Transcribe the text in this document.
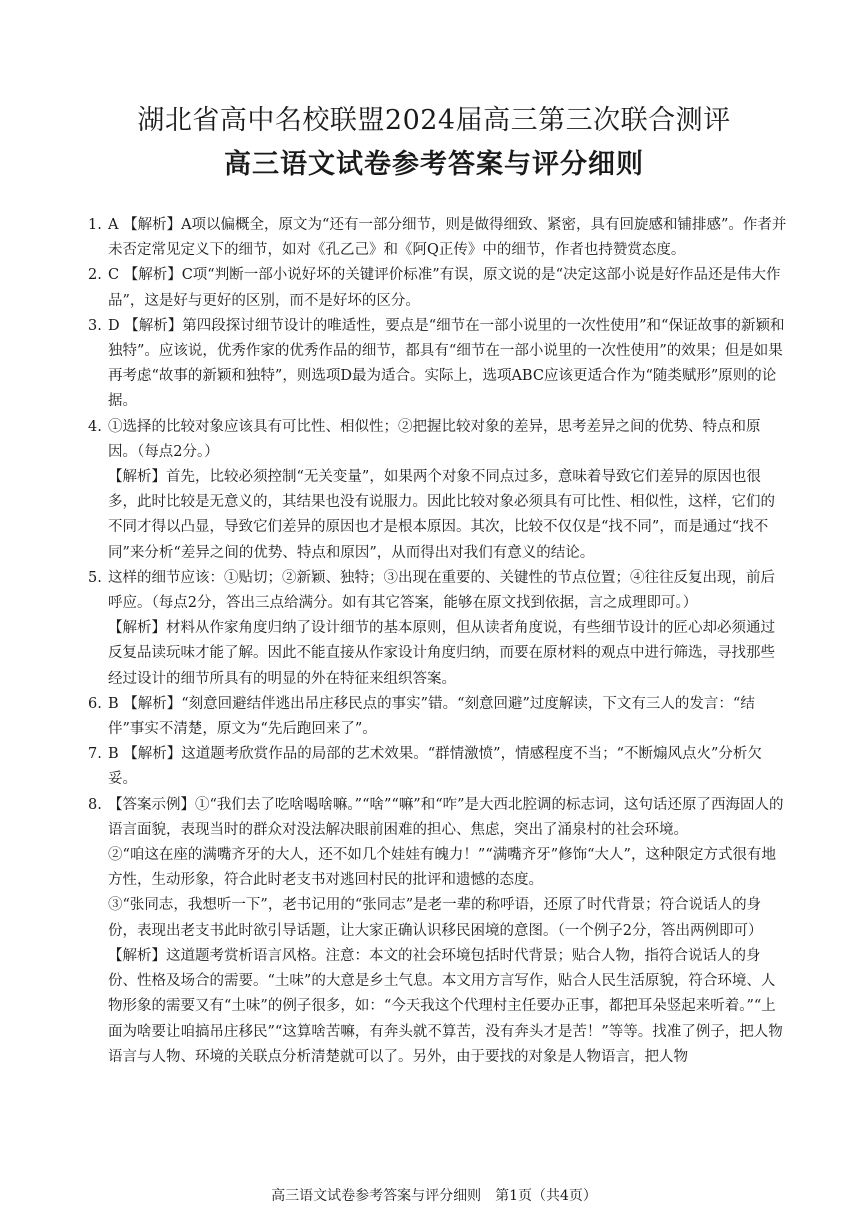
湖北省高中名校联盟2024届高三第三次联合测评
高三语文试卷参考答案与评分细则
1. A 【解析】A项以偏概全，原文为“还有一部分细节，则是做得细致、紧密，具有回旋感和铺排感”。作者并未否定常见定义下的细节，如对《孔乙己》和《阿Q正传》中的细节，作者也持赞赏态度。

2. C 【解析】C项“判断一部小说好坏的关键评价标准”有误，原文说的是“决定这部小说是好作品还是伟大作品”，这是好与更好的区别，而不是好坏的区分。

3. D 【解析】第四段探讨细节设计的唯适性，要点是“细节在一部小说里的一次性使用”和“保证故事的新颖和独特”。应该说，优秀作家的优秀作品的细节，都具有“细节在一部小说里的一次性使用”的效果；但是如果再考虑“故事的新颖和独特”，则选项D最为适合。实际上，选项ABC应该更适合作为“随类赋形”原则的论据。

4. ①选择的比较对象应该具有可比性、相似性；②把握比较对象的差异，思考差异之间的优势、特点和原因。（每点2分。）

【解析】首先，比较必须控制“无关变量”，如果两个对象不同点过多，意味着导致它们差异的原因也很多，此时比较是无意义的，其结果也没有说服力。因此比较对象必须具有可比性、相似性，这样，它们的不同才得以凸显，导致它们差异的原因也才是根本原因。其次，比较不仅仅是“找不同”，而是通过“找不同”来分析“差异之间的优势、特点和原因”，从而得出对我们有意义的结论。

5. 这样的细节应该：①贴切；②新颖、独特；③出现在重要的、关键性的节点位置；④往往反复出现，前后呼应。（每点2分，答出三点给满分。如有其它答案，能够在原文找到依据，言之成理即可。）

【解析】材料从作家角度归纳了设计细节的基本原则，但从读者角度说，有些细节设计的匠心却必须通过反复品读玩味才能了解。因此不能直接从作家设计角度归纳，而要在原材料的观点中进行筛选，寻找那些经过设计的细节所具有的明显的外在特征来组织答案。

6. B 【解析】“刻意回避结伴逃出吊庄移民点的事实”错。“刻意回避”过度解读，下文有三人的发言：“结伴”事实不清楚，原文为“先后跑回来了”。

7. B 【解析】这道题考欣赏作品的局部的艺术效果。“群情激愤”，情感程度不当；“不断煽风点火”分析欠妥。

8. 【答案示例】①“我们去了吃啥喝啥嘛。”“啥”“嘛”和“咋”是大西北腔调的标志词，这句话还原了西海固人的语言面貌，表现当时的群众对没法解决眼前困难的担心、焦虑，突出了涌泉村的社会环境。

②“咱这在座的满嘴齐牙的大人，还不如几个娃娃有魄力！”“满嘴齐牙”修饰“大人”，这种限定方式很有地方性，生动形象，符合此时老支书对逃回村民的批评和遗憾的态度。

③“张同志，我想听一下”，老书记用的“张同志”是老一辈的称呼语，还原了时代背景；符合说话人的身份，表现出老支书此时欲引导话题，让大家正确认识移民困境的意图。（一个例子2分，答出两例即可）

【解析】这道题考赏析语言风格。注意：本文的社会环境包括时代背景；贴合人物，指符合说话人的身份、性格及场合的需要。“土味”的大意是乡土气息。本文用方言写作，贴合人民生活原貌，符合环境、人物形象的需要又有“土味”的例子很多，如：“今天我这个代理村主任要办正事，都把耳朵竖起来听着。”“上面为啥要让咱搞吊庄移民”“这算啥苦嘛，有奔头就不算苦，没有奔头才是苦！”等等。找准了例子，把人物语言与人物、环境的关联点分析清楚就可以了。另外，由于要找的对象是人物语言，把人物

高三语文试卷参考答案与评分细则　第1页（共4页）
